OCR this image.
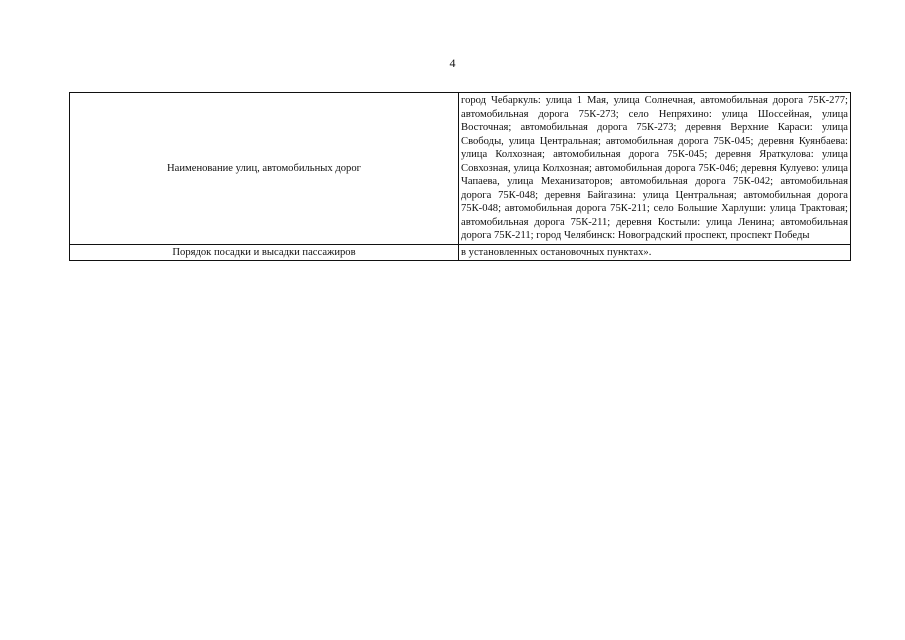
4
Наименование улиц, автомобильных дорог	город Чебаркуль: улица 1 Мая, улица Солнечная, автомобильная дорога 75К-277; автомобильная дорога 75К-273; село Непряхино: улица Шоссейная, улица Восточная; автомобильная дорога 75К-273; деревня Верхние Караси: улица Свободы, улица Центральная; автомобильная дорога 75К-045; деревня Куянбаева: улица Колхозная; автомобильная дорога 75К-045; деревня Яраткулова: улица Совхозная, улица Колхозная; автомобильная дорога 75К-046; деревня Кулуево: улица Чапаева, улица Механизаторов; автомобильная дорога 75К-042; автомобильная дорога 75К-048; деревня Байгазина: улица Центральная; автомобильная дорога 75К-048; автомобильная дорога 75К-211; село Большие Харлуши: улица Трактовая; автомобильная дорога 75К-211; деревня Костыли: улица Ленина; автомобильная дорога 75К-211; город Челябинск: Новоградский проспект, проспект Победы
Порядок посадки и высадки пассажиров	в установленных остановочных пунктах».
